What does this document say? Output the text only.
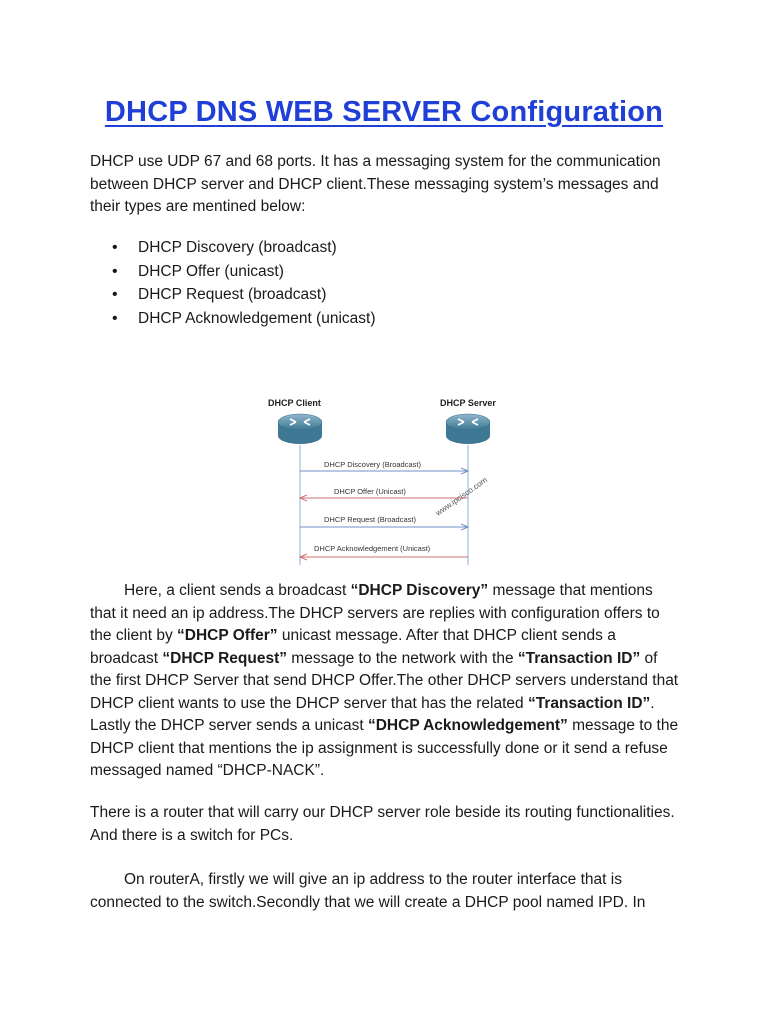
DHCP DNS WEB SERVER Configuration

DHCP use UDP 67 and 68 ports. It has a messaging system for the communication between DHCP server and DHCP client.These messaging system’s messages and their types are mentined below:

• DHCP Discovery (broadcast)
• DHCP Offer (unicast)
• DHCP Request (broadcast)
• DHCP Acknowledgement (unicast)
DHCP Client	DHCP Server
DHCP Discovery (Broadcast)
DHCP Offer (Unicast)
DHCP Request (Broadcast)
DHCP Acknowledgement (Unicast)
www.ipcisco.com

Here, a client sends a broadcast “DHCP Discovery” message that mentions that it need an ip address.The DHCP servers are replies with configuration offers to the client by “DHCP Offer” unicast message. After that DHCP client sends a broadcast “DHCP Request” message to the network with the “Transaction ID” of the first DHCP Server that send DHCP Offer.The other DHCP servers understand that DHCP client wants to use the DHCP server that has the related “Transaction ID”. Lastly the DHCP server sends a unicast “DHCP Acknowledgement” message to the DHCP client that mentions the ip assignment is successfully done or it send a refuse messaged named “DHCP-NACK”.

There is a router that will carry our DHCP server role beside its routing functionalities. And there is a switch for PCs.

On routerA, firstly we will give an ip address to the router interface that is connected to the switch.Secondly that we will create a DHCP pool named IPD. In
